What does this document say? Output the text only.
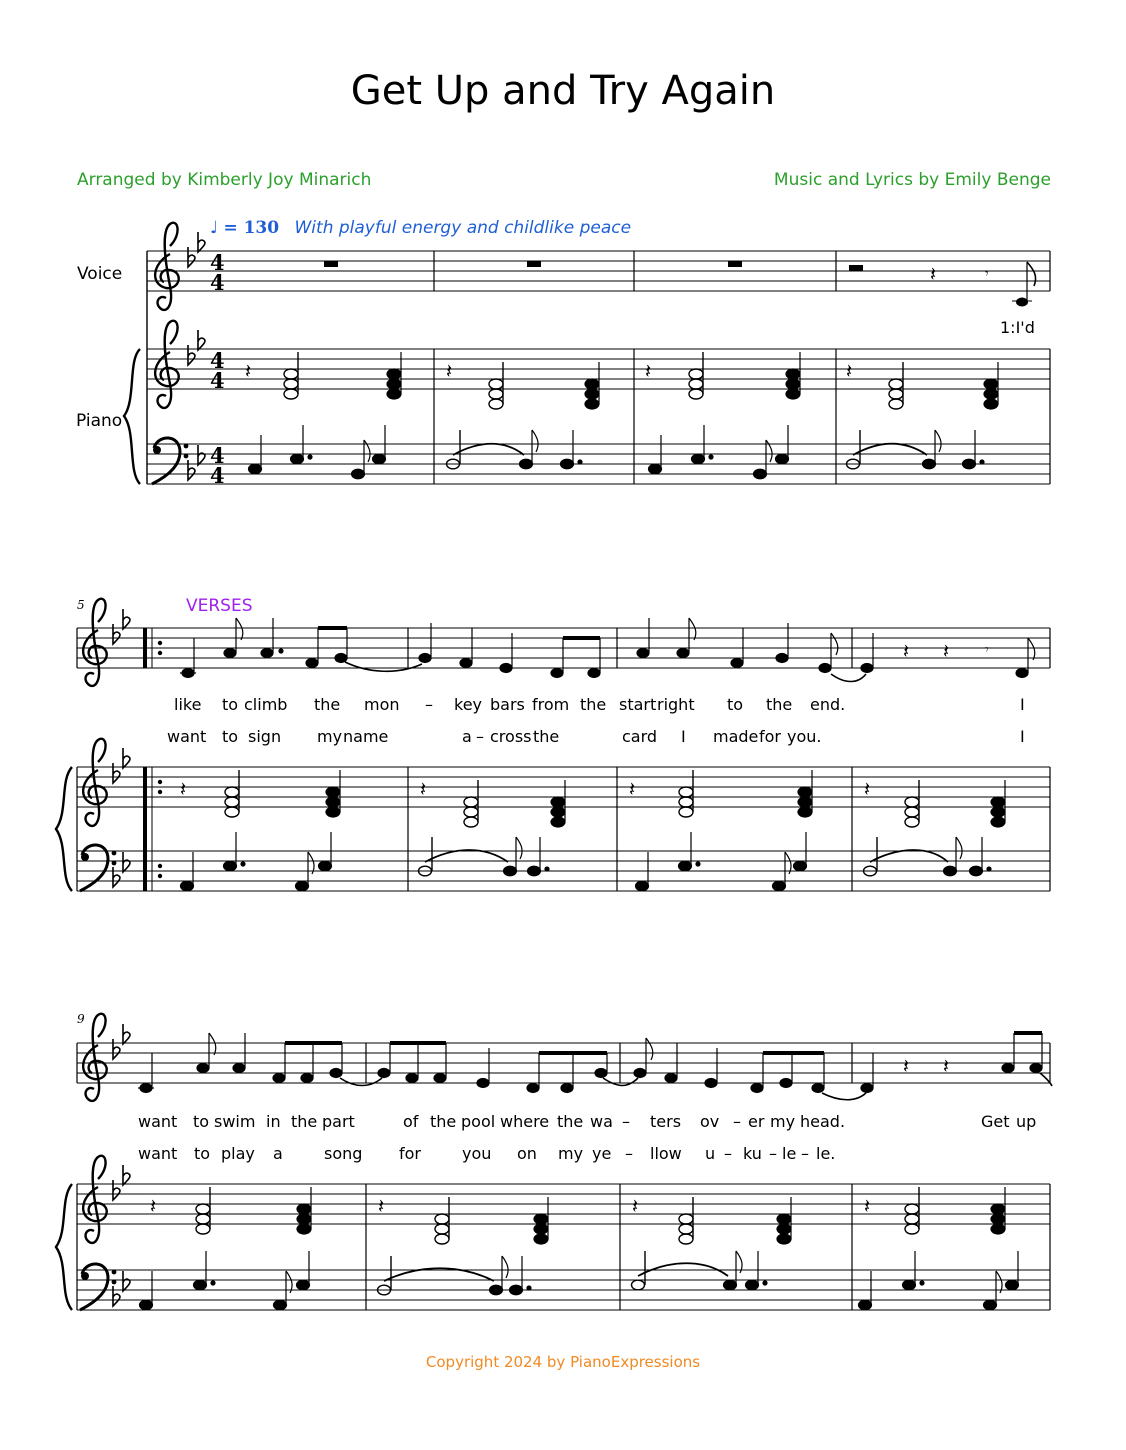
Get Up and Try Again
Arranged by Kimberly Joy Minarich	Music and Lyrics by Emily Benge
♩ = 130 With playful energy and childlike peace
Voice
Piano
4
4
4
4
4
4
𝄽	𝄾
1:I'd
𝄽	𝄽	𝄽	𝄽
5	VERSES
𝄽 𝄽	𝄾
like to climb the mon – key bars from the start right to the end.	I
want to sign my name	a – cross the	card I made for you.	I
𝄽	𝄽	𝄽	𝄽
9
𝄽 𝄽
want to swim in the part	of the pool where the wa – ters ov – er my head.	Get up
want to play a	song for	you on my ye – llow u – ku – le – le.
𝄽	𝄽	𝄽	𝄽
Copyright 2024 by PianoExpressions
